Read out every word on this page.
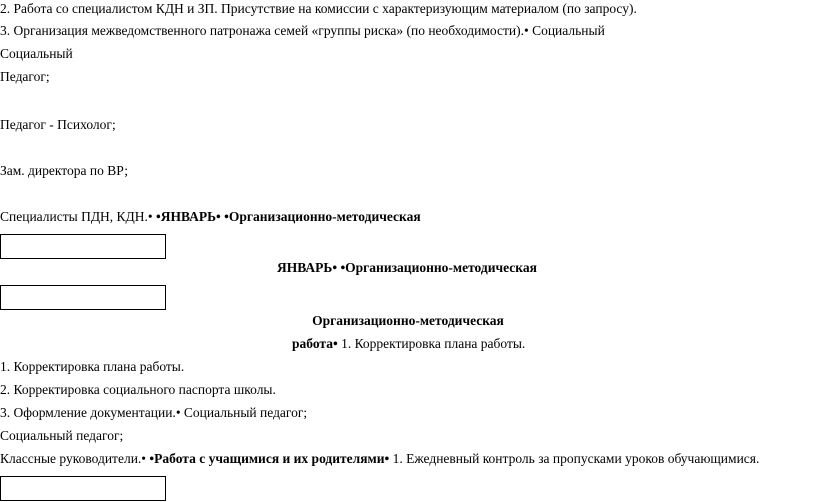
2. Работа со специалистом КДН и ЗП. Присутствие на комиссии с характеризующим материалом (по запросу).
3. Организация межведомственного патронажа семей «группы риска» (по необходимости).• Социальный
Социальный
Педагог;
Педагог - Психолог;
Зам. директора по ВР;
Специалисты ПДН, КДН.• •ЯНВАРЬ• •Организационно-методическая
ЯНВАРЬ• •Организационно-методическая
Организационно-методическая
работа• 1. Корректировка плана работы.
1. Корректировка плана работы.
2. Корректировка социального паспорта школы.
3. Оформление документации.• Социальный педагог;
Социальный педагог;
Классные руководители.• •Работа с учащимися и их родителями• 1. Ежедневный контроль за пропусками уроков обучающимися.
